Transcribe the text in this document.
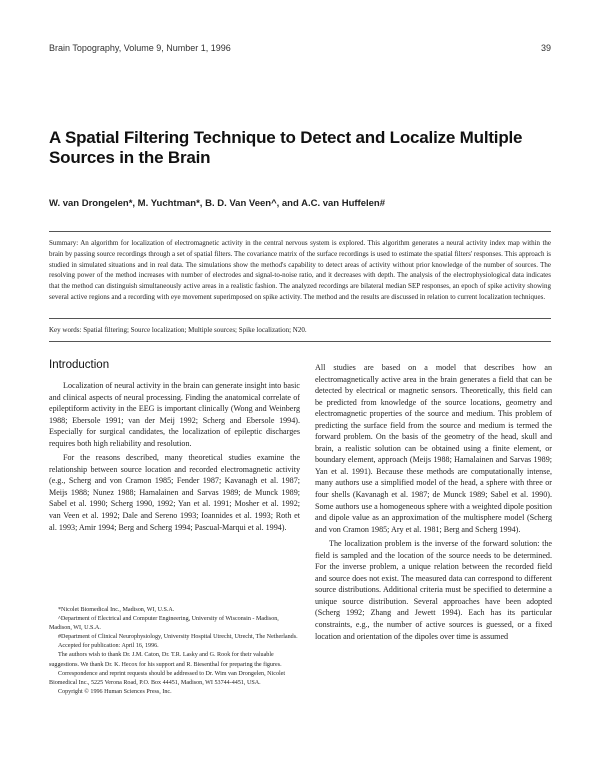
Brain Topography, Volume 9, Number 1, 1996	39
A Spatial Filtering Technique to Detect and Localize Multiple Sources in the Brain
W. van Drongelen*, M. Yuchtman*, B. D. Van Veen^, and A.C. van Huffelen#
Summary: An algorithm for localization of electromagnetic activity in the central nervous system is explored. This algorithm generates a neural activity index map within the brain by passing source recordings through a set of spatial filters. The covariance matrix of the surface recordings is used to estimate the spatial filters' responses. This approach is studied in simulated situations and in real data. The simulations show the method's capability to detect areas of activity without prior knowledge of the number of sources. The resolving power of the method increases with number of electrodes and signal-to-noise ratio, and it decreases with depth. The analysis of the electrophysiological data indicates that the method can distinguish simultaneously active areas in a realistic fashion. The analyzed recordings are bilateral median SEP responses, an epoch of spike activity showing several active regions and a recording with eye movement superimposed on spike activity. The method and the results are discussed in relation to current localization techniques.
Key words: Spatial filtering; Source localization; Multiple sources; Spike localization; N20.
Introduction

Localization of neural activity in the brain can generate insight into basic and clinical aspects of neural processing. Finding the anatomical correlate of epileptiform activity in the EEG is important clinically (Wong and Weinberg 1988; Ebersole 1991; van der Meij 1992; Scherg and Ebersole 1994). Especially for surgical candidates, the localization of epileptic discharges requires both high reliability and resolution.

For the reasons described, many theoretical studies examine the relationship between source location and recorded electromagnetic activity (e.g., Scherg and von Cramon 1985; Fender 1987; Kavanagh et al. 1987; Meijs 1988; Nunez 1988; Hamalainen and Sarvas 1989; de Munck 1989; Sabel et al. 1990; Scherg 1990, 1992; Yan et al. 1991; Mosher et al. 1992; van Veen et al. 1992; Dale and Sereno 1993; Ioannides et al. 1993; Roth et al. 1993; Amir 1994; Berg and Scherg 1994; Pascual-Marqui et al. 1994).

*Nicolet Biomedical Inc., Madison, WI, U.S.A.

^Department of Electrical and Computer Engineering, University of Wisconsin - Madison, Madison, WI, U.S.A.

#Department of Clinical Neurophysiology, University Hospital Utrecht, Utrecht, The Netherlands.

Accepted for publication: April 16, 1996.

The authors wish to thank Dr. J.M. Caton, Dr. T.R. Lasky and G. Rook for their valuable suggestions. We thank Dr. K. Hecox for his support and R. Biesenthal for preparing the figures.

Correspondence and reprint requests should be addressed to Dr. Wim van Drongelen, Nicolet Biomedical Inc., 5225 Verona Road, P.O. Box 44451, Madison, WI 53744-4451, USA.

Copyright © 1996 Human Sciences Press, Inc.

All studies are based on a model that describes how an electromagnetically active area in the brain generates a field that can be detected by electrical or magnetic sensors. Theoretically, this field can be predicted from knowledge of the source locations, geometry and electromagnetic properties of the source and medium. This problem of predicting the surface field from the source and medium is termed the forward problem. On the basis of the geometry of the head, skull and brain, a realistic solution can be obtained using a finite element, or boundary element, approach (Meijs 1988; Hamalainen and Sarvas 1989; Yan et al. 1991). Because these methods are computationally intense, many authors use a simplified model of the head, a sphere with three or four shells (Kavanagh et al. 1987; de Munck 1989; Sabel et al. 1990). Some authors use a homogeneous sphere with a weighted dipole position and dipole value as an approximation of the multisphere model (Scherg and von Cramon 1985; Ary et al. 1981; Berg and Scherg 1994).

The localization problem is the inverse of the forward solution: the field is sampled and the location of the source needs to be determined. For the inverse problem, a unique relation between the recorded field and source does not exist. The measured data can correspond to different source distributions. Additional criteria must be specified to determine a unique source distribution. Several approaches have been adopted (Scherg 1992; Zhang and Jewett 1994). Each has its particular constraints, e.g., the number of active sources is guessed, or a fixed location and orientation of the dipoles over time is assumed
